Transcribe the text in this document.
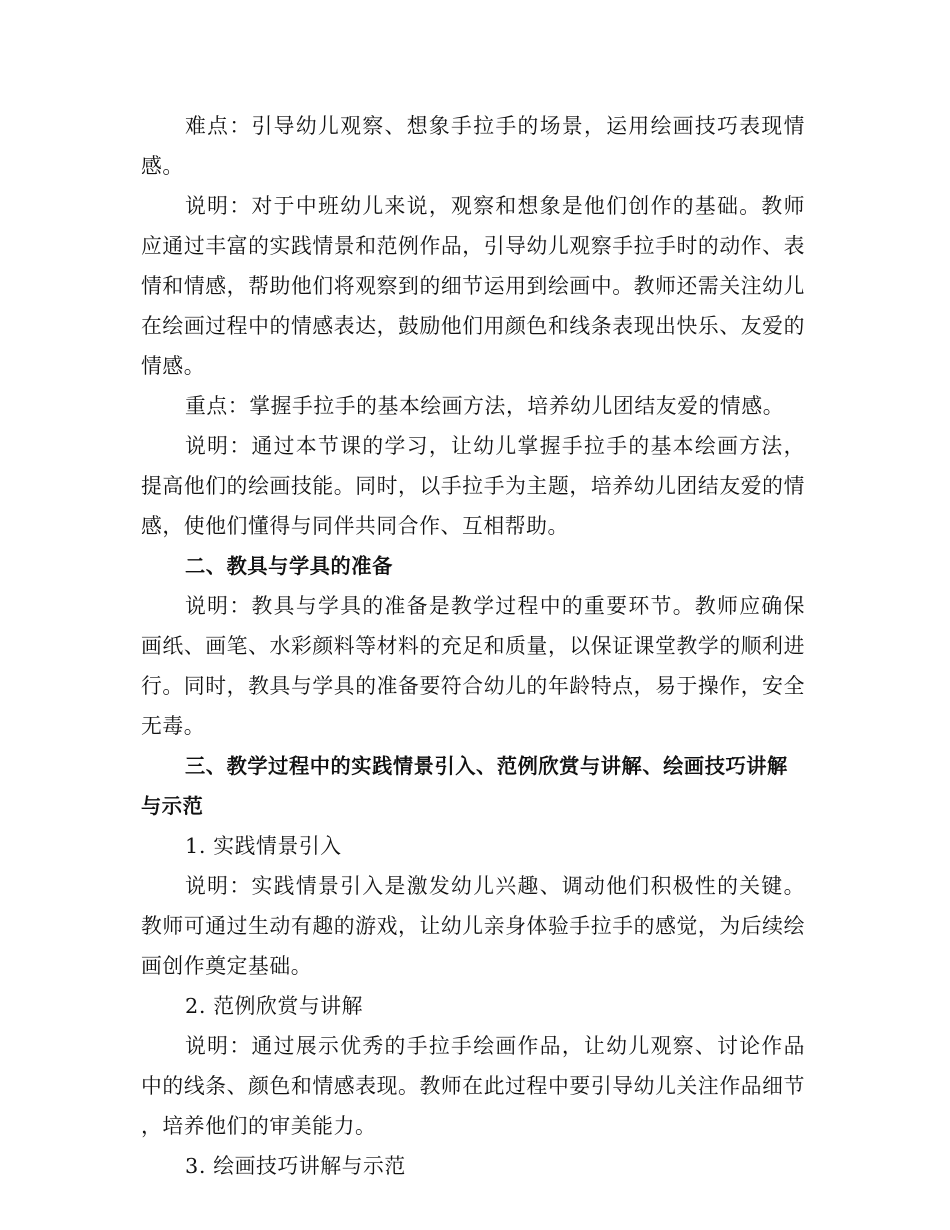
难点：引导幼儿观察、想象手拉手的场景，运用绘画技巧表现情感。

说明：对于中班幼儿来说，观察和想象是他们创作的基础。教师应通过丰富的实践情景和范例作品，引导幼儿观察手拉手时的动作、表情和情感，帮助他们将观察到的细节运用到绘画中。教师还需关注幼儿在绘画过程中的情感表达，鼓励他们用颜色和线条表现出快乐、友爱的情感。

重点：掌握手拉手的基本绘画方法，培养幼儿团结友爱的情感。

说明：通过本节课的学习，让幼儿掌握手拉手的基本绘画方法，提高他们的绘画技能。同时，以手拉手为主题，培养幼儿团结友爱的情感，使他们懂得与同伴共同合作、互相帮助。

二、教具与学具的准备

说明：教具与学具的准备是教学过程中的重要环节。教师应确保画纸、画笔、水彩颜料等材料的充足和质量，以保证课堂教学的顺利进行。同时，教具与学具的准备要符合幼儿的年龄特点，易于操作，安全无毒。

三、教学过程中的实践情景引入、范例欣赏与讲解、绘画技巧讲解与示范

1. 实践情景引入

说明：实践情景引入是激发幼儿兴趣、调动他们积极性的关键。教师可通过生动有趣的游戏，让幼儿亲身体验手拉手的感觉，为后续绘画创作奠定基础。

2. 范例欣赏与讲解

说明：通过展示优秀的手拉手绘画作品，让幼儿观察、讨论作品中的线条、颜色和情感表现。教师在此过程中要引导幼儿关注作品细节，培养他们的审美能力。

3. 绘画技巧讲解与示范
